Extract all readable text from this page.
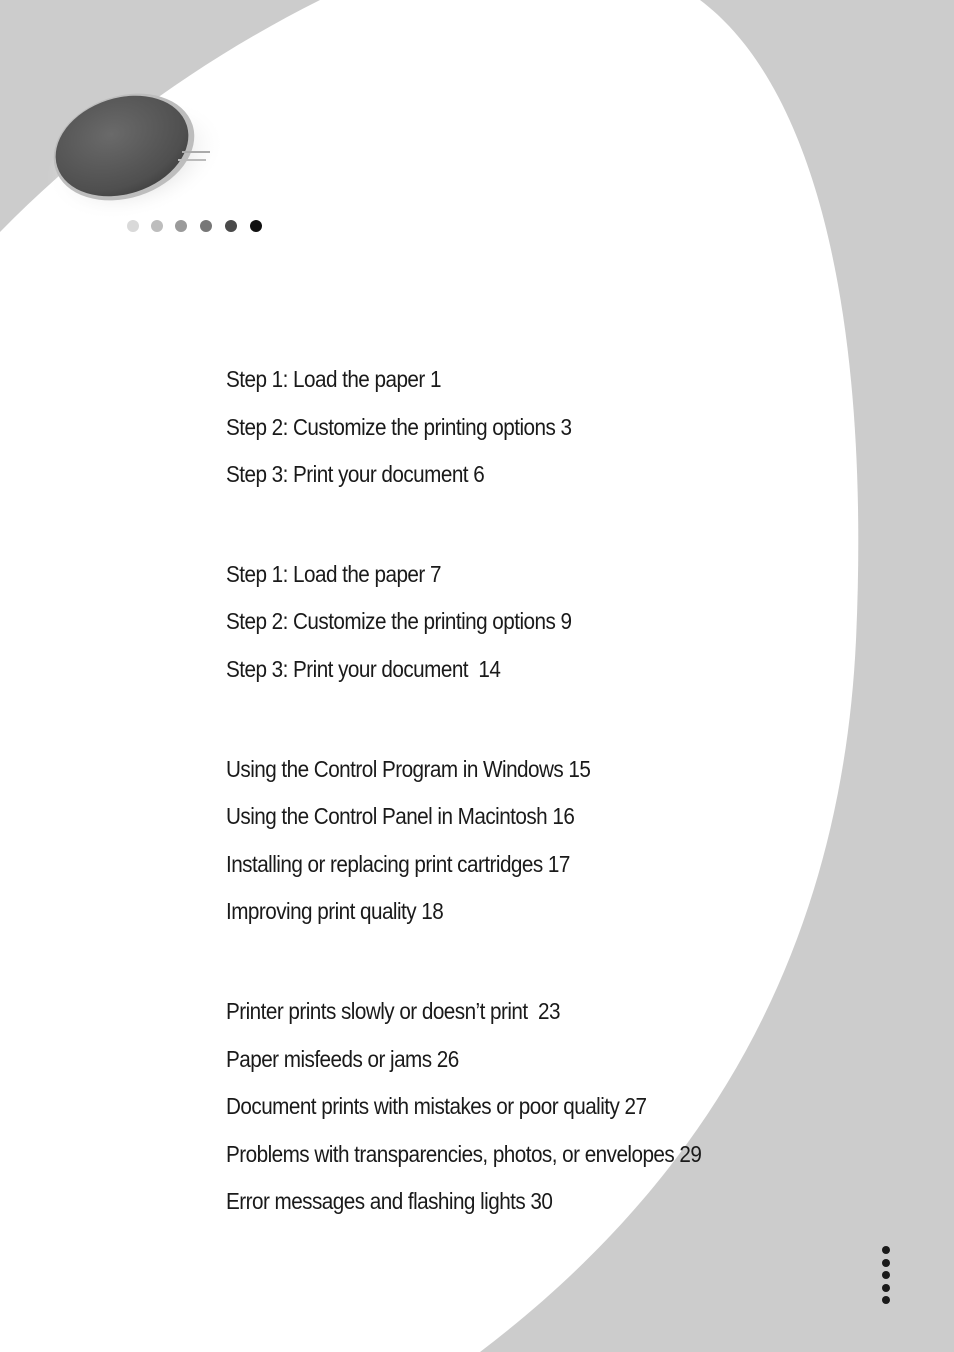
Step 1: Load the paper 1
Step 2: Customize the printing options 3
Step 3: Print your document 6
Step 1: Load the paper 7
Step 2: Customize the printing options 9
Step 3: Print your document  14
Using the Control Program in Windows 15
Using the Control Panel in Macintosh 16
Installing or replacing print cartridges 17
Improving print quality 18
Printer prints slowly or doesn’t print  23
Paper misfeeds or jams 26
Document prints with mistakes or poor quality 27
Problems with transparencies, photos, or envelopes 29
Error messages and flashing lights 30
